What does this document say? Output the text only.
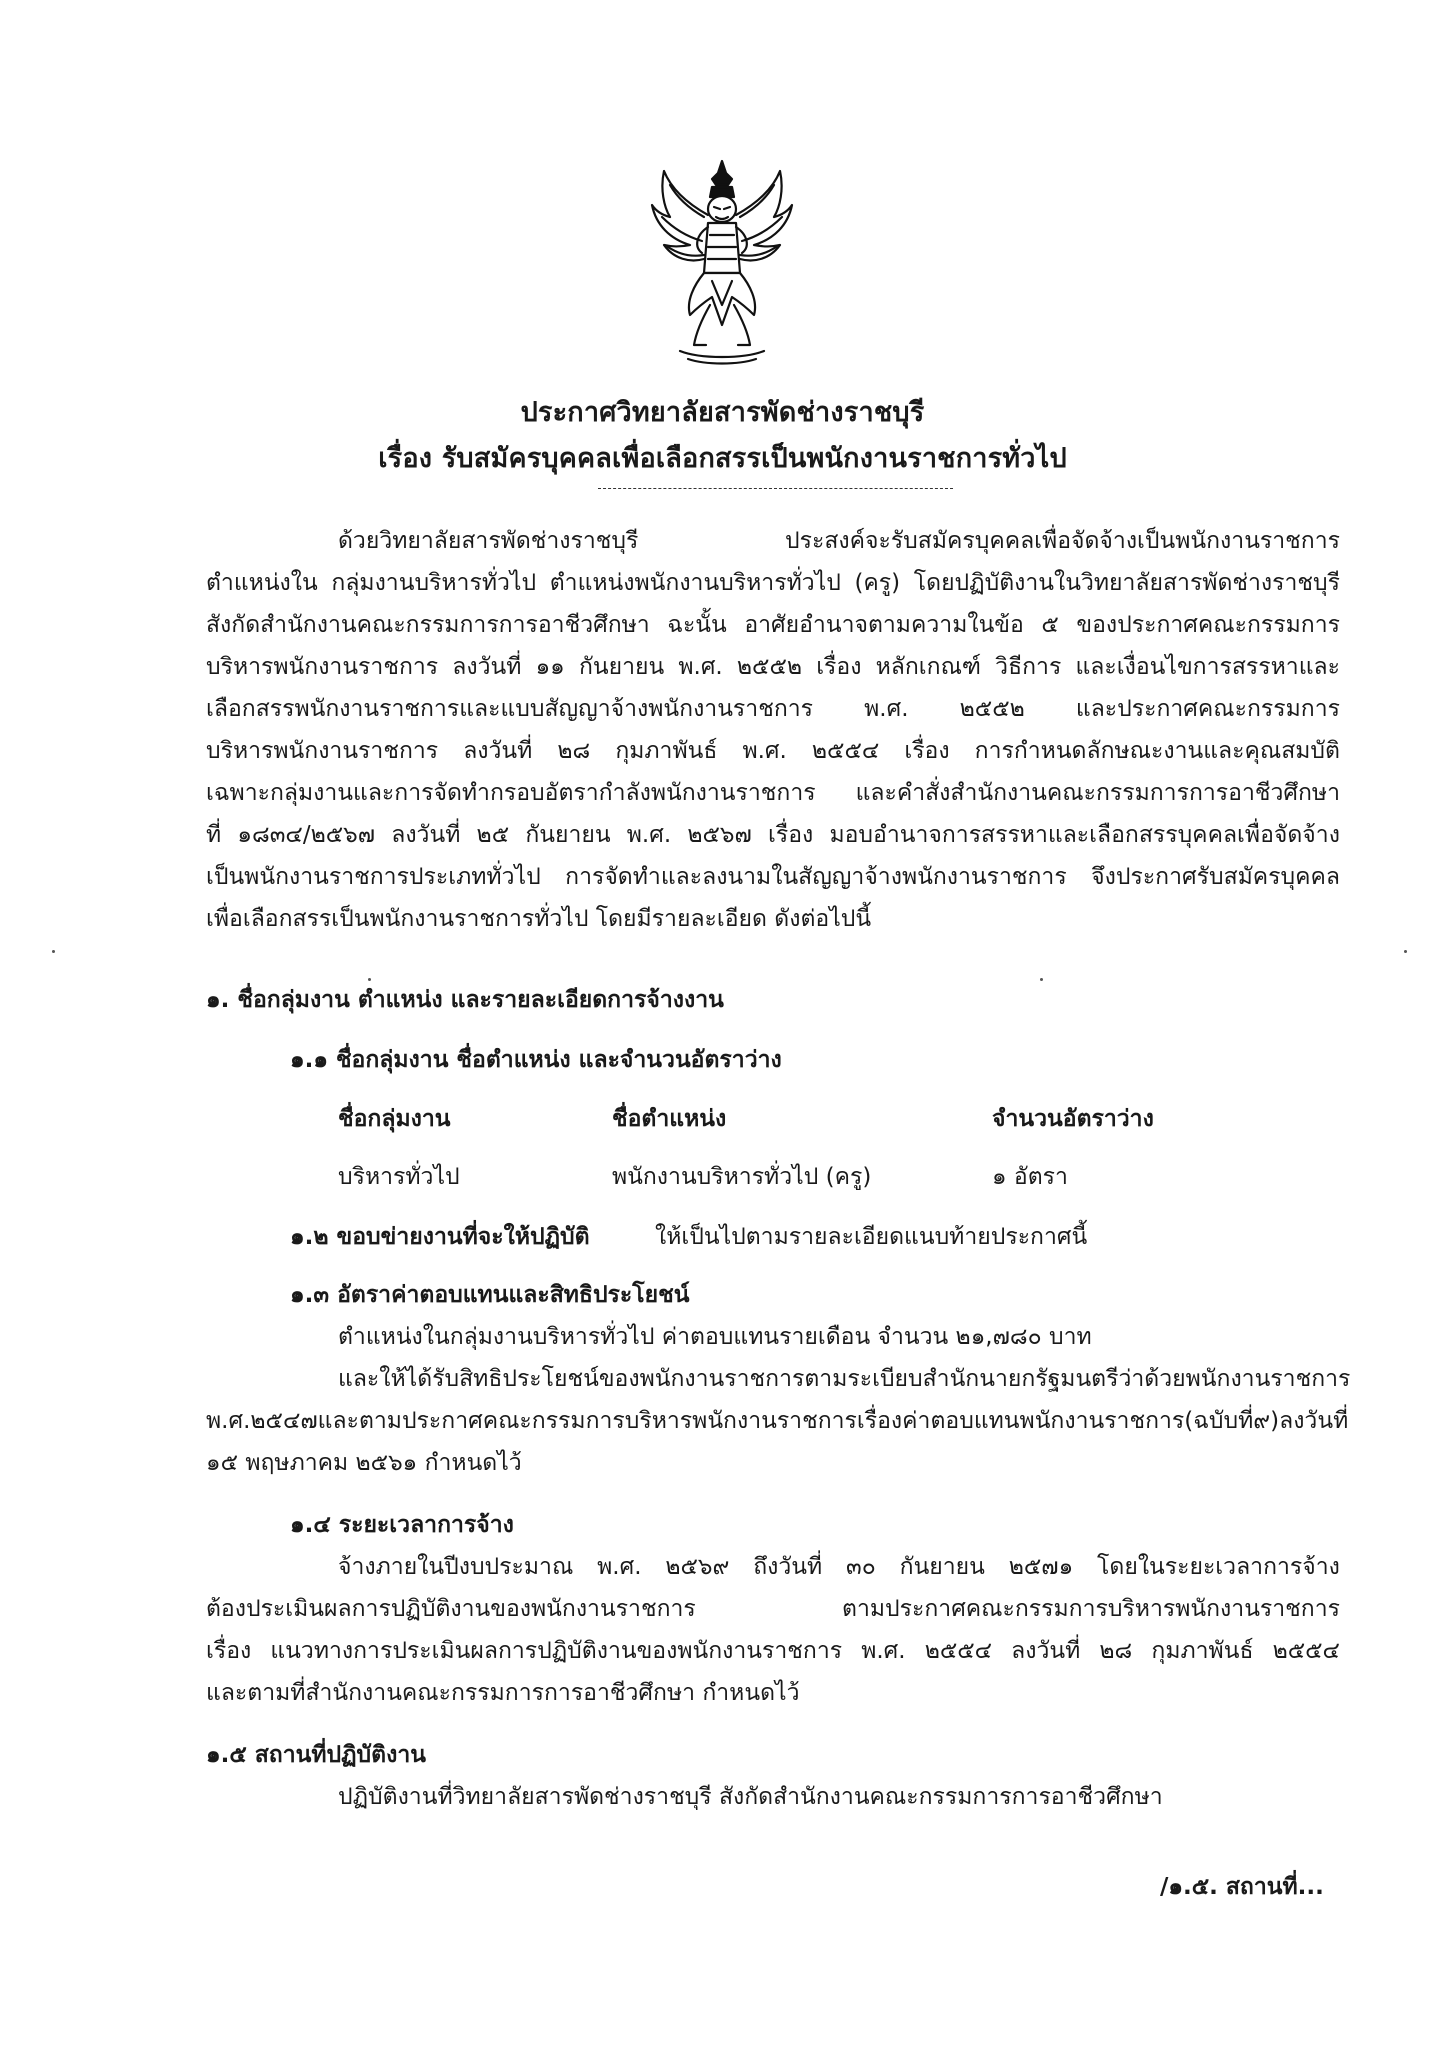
ประกาศวิทยาลัยสารพัดช่างราชบุรี
เรื่อง รับสมัครบุคคลเพื่อเลือกสรรเป็นพนักงานราชการทั่วไป
ด้วยวิทยาลัยสารพัดช่างราชบุรี	ประสงค์จะรับสมัครบุคคลเพื่อจัดจ้างเป็นพนักงานราชการ
ตำแหน่งใน กลุ่มงานบริหารทั่วไป ตำแหน่งพนักงานบริหารทั่วไป (ครู) โดยปฏิบัติงานในวิทยาลัยสารพัดช่างราชบุรี
สังกัดสำนักงานคณะกรรมการการอาชีวศึกษา ฉะนั้น อาศัยอำนาจตามความในข้อ ๕ ของประกาศคณะกรรมการ
บริหารพนักงานราชการ ลงวันที่ ๑๑ กันยายน พ.ศ. ๒๕๕๒ เรื่อง หลักเกณฑ์ วิธีการ และเงื่อนไขการสรรหาและ
เลือกสรรพนักงานราชการและแบบสัญญาจ้างพนักงานราชการ พ.ศ. ๒๕๕๒ และประกาศคณะกรรมการ
บริหารพนักงานราชการ ลงวันที่ ๒๘ กุมภาพันธ์ พ.ศ. ๒๕๕๔ เรื่อง การกำหนดลักษณะงานและคุณสมบัติ
เฉพาะกลุ่มงานและการจัดทำกรอบอัตรากำลังพนักงานราชการ และคำสั่งสำนักงานคณะกรรมการการอาชีวศึกษา
ที่ ๑๘๓๔/๒๕๖๗ ลงวันที่ ๒๕ กันยายน พ.ศ. ๒๕๖๗ เรื่อง มอบอำนาจการสรรหาและเลือกสรรบุคคลเพื่อจัดจ้าง
เป็นพนักงานราชการประเภททั่วไป การจัดทำและลงนามในสัญญาจ้างพนักงานราชการ จึงประกาศรับสมัครบุคคล
เพื่อเลือกสรรเป็นพนักงานราชการทั่วไป โดยมีรายละเอียด ดังต่อไปนี้
๑. ชื่อกลุ่มงาน ตำแหน่ง และรายละเอียดการจ้างงาน
๑.๑ ชื่อกลุ่มงาน ชื่อตำแหน่ง และจำนวนอัตราว่าง
ชื่อกลุ่มงาน	ชื่อตำแหน่ง	จำนวนอัตราว่าง
บริหารทั่วไป	พนักงานบริหารทั่วไป (ครู)	๑ อัตรา
๑.๒ ขอบข่ายงานที่จะให้ปฏิบัติ	ให้เป็นไปตามรายละเอียดแนบท้ายประกาศนี้
๑.๓ อัตราค่าตอบแทนและสิทธิประโยชน์
ตำแหน่งในกลุ่มงานบริหารทั่วไป ค่าตอบแทนรายเดือน จำนวน ๒๑,๗๘๐ บาท
และให้ได้รับสิทธิประโยชน์ของพนักงานราชการ ตามระเบียบสำนักนายกรัฐมนตรีว่าด้วยพนักงานราชการ
พ.ศ. ๒๕๔๗ และตามประกาศคณะกรรมการบริหารพนักงานราชการ เรื่อง ค่าตอบแทนพนักงานราชการ (ฉบับที่ ๙) ลงวันที่
๑๕ พฤษภาคม ๒๕๖๑ กำหนดไว้
๑.๔ ระยะเวลาการจ้าง
จ้างภายในปีงบประมาณ พ.ศ. ๒๕๖๙ ถึงวันที่ ๓๐ กันยายน ๒๕๗๑ โดยในระยะเวลาการจ้าง
ต้องประเมินผลการปฏิบัติงานของพนักงานราชการ	ตามประกาศคณะกรรมการบริหารพนักงานราชการ
เรื่อง แนวทางการประเมินผลการปฏิบัติงานของพนักงานราชการ พ.ศ. ๒๕๕๔ ลงวันที่ ๒๘ กุมภาพันธ์ ๒๕๕๔
และตามที่สำนักงานคณะกรรมการการอาชีวศึกษา กำหนดไว้
๑.๕ สถานที่ปฏิบัติงาน
ปฏิบัติงานที่วิทยาลัยสารพัดช่างราชบุรี สังกัดสำนักงานคณะกรรมการการอาชีวศึกษา
/๑.๕. สถานที่...
